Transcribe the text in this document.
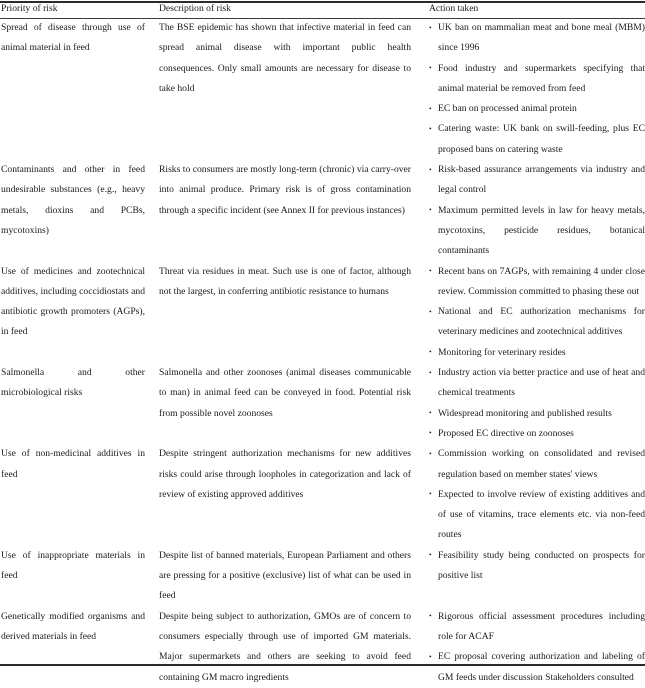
Priority of risk	Description of risk	Action taken
Spread of disease through use of animal material in feed	The BSE epidemic has shown that infective material in feed can spread animal disease with important public health consequences. Only small amounts are necessary for disease to take hold	
• UK ban on mammalian meat and bone meal (MBM) since 1996
• Food industry and supermarkets specifying that animal material be removed from feed
• EC ban on processed animal protein
• Catering waste: UK bank on swill-feeding, plus EC proposed bans on catering waste

Contaminants and other in feed undesirable substances (e.g., heavy metals, dioxins and PCBs, mycotoxins)	Risks to consumers are mostly long-term (chronic) via carry-over into animal produce. Primary risk is of gross contamination through a specific incident (see Annex II for previous instances)	
• Risk-based assurance arrangements via industry and legal control
• Maximum permitted levels in law for heavy metals, mycotoxins, pesticide residues, botanical contaminants

Use of medicines and zootechnical additives, including coccidiostats and antibiotic growth promoters (AGPs), in feed	Threat via residues in meat. Such use is one of factor, although not the largest, in conferring antibiotic resistance to humans	
• Recent bans on 7AGPs, with remaining 4 under close review. Commission committed to phasing these out
• National and EC authorization mechanisms for veterinary medicines and zootechnical additives
• Monitoring for veterinary resides

Salmonella and other microbiological risks	Salmonella and other zoonoses (animal diseases communicable to man) in animal feed can be conveyed in food. Potential risk from possible novel zoonoses	
• Industry action via better practice and use of heat and chemical treatments
• Widespread monitoring and published results
• Proposed EC directive on zoonoses

Use of non-medicinal additives in feed	Despite stringent authorization mechanisms for new additives risks could arise through loopholes in categorization and lack of review of existing approved additives	
• Commission working on consolidated and revised regulation based on member states' views
• Expected to involve review of existing additives and of use of vitamins, trace elements etc. via non-feed routes

Use of inappropriate materials in feed	Despite list of banned materials, European Parliament and others are pressing for a positive (exclusive) list of what can be used in feed	
• Feasibility study being conducted on prospects for positive list

Genetically modified organisms and derived materials in feed	Despite being subject to authorization, GMOs are of concern to consumers especially through use of imported GM materials. Major supermarkets and others are seeking to avoid feed containing GM macro ingredients	
• Rigorous official assessment procedures including role for ACAF
• EC proposal covering authorization and labeling of GM feeds under discussion Stakeholders consulted
